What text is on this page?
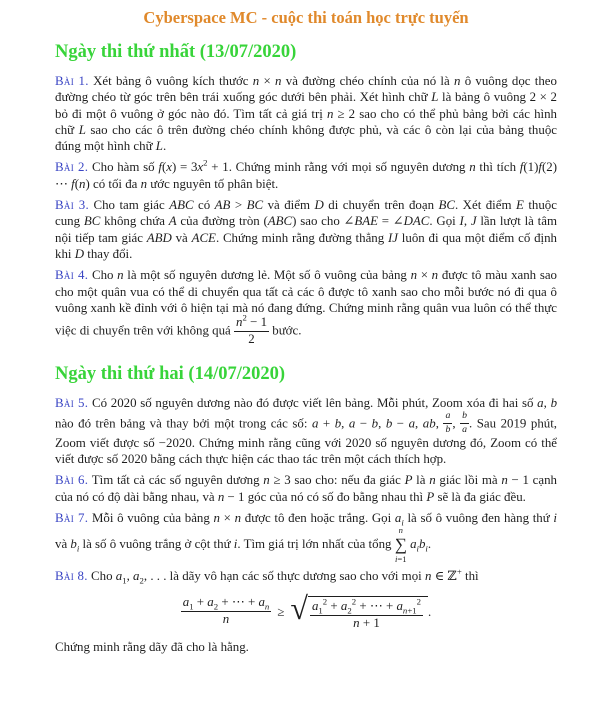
Cyberspace MC - cuộc thi toán học trực tuyến
Ngày thi thứ nhất (13/07/2020)

Bài 1. Xét bảng ô vuông kích thước n × n và đường chéo chính của nó là n ô vuông dọc theo đường chéo từ góc trên bên trái xuống góc dưới bên phải. Xét hình chữ L là bảng ô vuông 2 × 2 bỏ đi một ô vuông ở góc nào đó. Tìm tất cả giá trị n ≥ 2 sao cho có thể phủ bảng bởi các hình chữ L sao cho các ô trên đường chéo chính không được phủ, và các ô còn lại của bảng thuộc đúng một hình chữ L.

Bài 2. Cho hàm số $f(x) = 3x^2 + 1$. Chứng minh rằng với mọi số nguyên dương n thì tích f(1)f(2) ⋯ f(n) có tối đa n ước nguyên tố phân biệt.

Bài 3. Cho tam giác ABC có AB > BC và điểm D di chuyển trên đoạn BC. Xét điểm E thuộc cung BC không chứa A của đường tròn (ABC) sao cho ∠BAE = ∠DAC. Gọi I, J lần lượt là tâm nội tiếp tam giác ABD và ACE. Chứng minh rằng đường thẳng IJ luôn đi qua một điểm cố định khi D thay đổi.

Bài 4. Cho n là một số nguyên dương lẻ. Một số ô vuông của bảng n × n được tô màu xanh sao cho một quân vua có thể di chuyển qua tất cả các ô được tô xanh sao cho mỗi bước nó đi qua ô vuông xanh kề đỉnh với ô hiện tại mà nó đang đứng. Chứng minh rằng quân vua luôn có thể thực việc di chuyển trên với không quá $\frac{n^2 - 1}{2}$ bước.

Ngày thi thứ hai (14/07/2020)

Bài 5. Có 2020 số nguyên dương nào đó được viết lên bảng. Mỗi phút, Zoom xóa đi hai số a, b nào đó trên bảng và thay bởi một trong các số: a + b, a − b, b − a, ab, $\frac{a}{b}$ , $\frac{b}{a}$ . Sau 2019 phút, Zoom viết được số −2020. Chứng minh rằng cũng với 2020 số nguyên dương đó, Zoom có thể viết được số 2020 bằng cách thực hiện các thao tác trên một cách thích hợp.

Bài 6. Tìm tất cả các số nguyên dương n ≥ 3 sao cho: nếu đa giác P là n giác lồi mà n − 1 cạnh của nó có độ dài bằng nhau, và n − 1 góc của nó có số đo bằng nhau thì P sẽ là đa giác đều.

Bài 7. Mỗi ô vuông của bảng n × n được tô đen hoặc trắng. Gọi $a_i$ là số ô vuông đen hàng thứ i và $b_i$ là số ô vuông trắng ở cột thứ i. Tìm giá trị lớn nhất của tổng
n
∑
i=1
$a_ib_i$.

Bài 8. Cho $a_1$, $a_2$, . . . là dãy vô hạn các số thực dương sao cho với mọi n ∈ ℤ+ thì

$\frac{a_1 + a_2 + \cdots + a_n}{n}$ ≥ √ $\frac{a_1^2 + a_2^2 + \cdots + a_{n+1}^2}{n + 1}$ .

Chứng minh rằng dãy đã cho là hằng.
